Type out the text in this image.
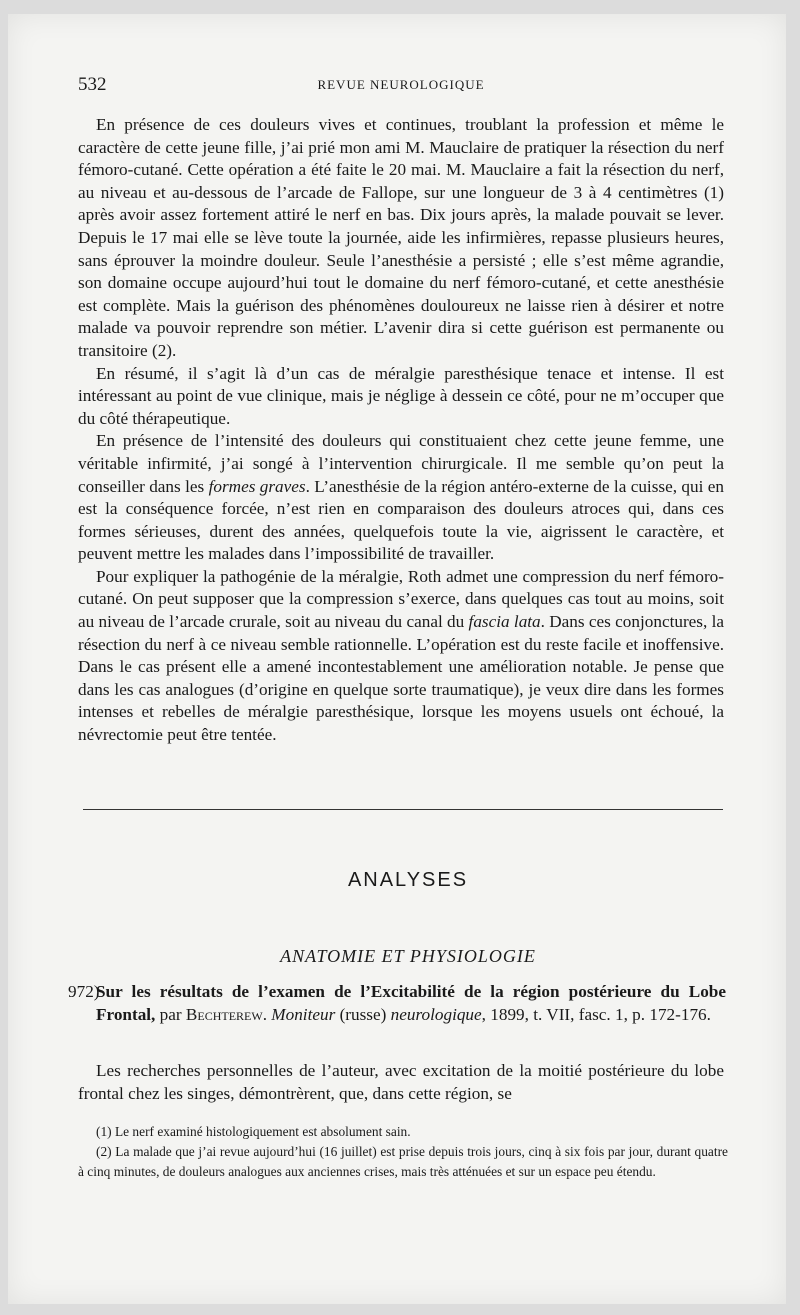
532	REVUE NEUROLOGIQUE

En présence de ces douleurs vives et continues, troublant la profession et même le caractère de cette jeune fille, j’ai prié mon ami M. Mauclaire de pratiquer la résection du nerf fémoro-cutané. Cette opération a été faite le 20 mai. M. Mauclaire a fait la résection du nerf, au niveau et au-dessous de l’arcade de Fallope, sur une longueur de 3 à 4 centimètres (1) après avoir assez fortement attiré le nerf en bas. Dix jours après, la malade pouvait se lever. Depuis le 17 mai elle se lève toute la journée, aide les infirmières, repasse plusieurs heures, sans éprouver la moindre douleur. Seule l’anesthésie a persisté ; elle s’est même agrandie, son domaine occupe aujourd’hui tout le domaine du nerf fémoro-cutané, et cette anesthésie est complète. Mais la guérison des phénomènes douloureux ne laisse rien à désirer et notre malade va pouvoir reprendre son métier. L’avenir dira si cette guérison est permanente ou transitoire (2).

En résumé, il s’agit là d’un cas de méralgie paresthésique tenace et intense. Il est intéressant au point de vue clinique, mais je néglige à dessein ce côté, pour ne m’occuper que du côté thérapeutique.

En présence de l’intensité des douleurs qui constituaient chez cette jeune femme, une véritable infirmité, j’ai songé à l’intervention chirurgicale. Il me semble qu’on peut la conseiller dans les formes graves. L’anesthésie de la région antéro-externe de la cuisse, qui en est la conséquence forcée, n’est rien en comparaison des douleurs atroces qui, dans ces formes sérieuses, durent des années, quelquefois toute la vie, aigrissent le caractère, et peuvent mettre les malades dans l’impossibilité de travailler.

Pour expliquer la pathogénie de la méralgie, Roth admet une compression du nerf fémoro-cutané. On peut supposer que la compression s’exerce, dans quelques cas tout au moins, soit au niveau de l’arcade crurale, soit au niveau du canal du fascia lata. Dans ces conjonctures, la résection du nerf à ce niveau semble rationnelle. L’opération est du reste facile et inoffensive. Dans le cas présent elle a amené incontestablement une amélioration notable. Je pense que dans les cas analogues (d’origine en quelque sorte traumatique), je veux dire dans les formes intenses et rebelles de méralgie paresthésique, lorsque les moyens usuels ont échoué, la névrectomie peut être tentée.

ANALYSES
ANATOMIE ET PHYSIOLOGIE
972)
Sur les résultats de l’examen de l’Excitabilité de la région postérieure du Lobe Frontal, par Bechterew. Moniteur (russe) neurologique, 1899, t. VII, fasc. 1, p. 172-176.

Les recherches personnelles de l’auteur, avec excitation de la moitié postérieure du lobe frontal chez les singes, démontrèrent, que, dans cette région, se

(1) Le nerf examiné histologiquement est absolument sain.

(2) La malade que j’ai revue aujourd’hui (16 juillet) est prise depuis trois jours, cinq à six fois par jour, durant quatre à cinq minutes, de douleurs analogues aux anciennes crises, mais très atténuées et sur un espace peu étendu.
